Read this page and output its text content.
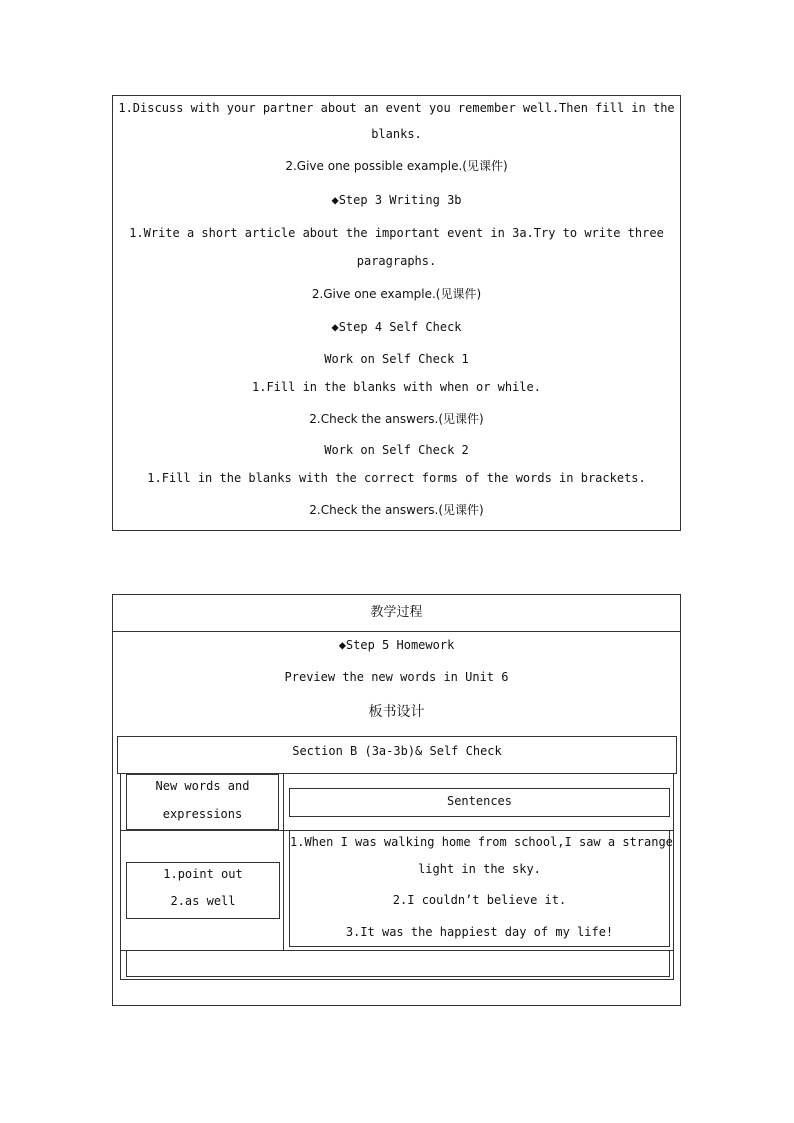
1.Discuss with your partner about an event you remember well.Then fill in the
blanks.
2.Give one possible example.(见课件)
◆Step 3 Writing 3b
1.Write a short article about the important event in 3a.Try to write three
paragraphs.
2.Give one example.(见课件)
◆Step 4 Self Check
Work on Self Check 1
1.Fill in the blanks with when or while.
2.Check the answers.(见课件)
Work on Self Check 2
1.Fill in the blanks with the correct forms of the words in brackets.
2.Check the answers.(见课件)
教学过程
◆Step 5 Homework
Preview the new words in Unit 6
板书设计
Section B (3a-3b)& Self Check
New words and
expressions
Sentences
1.point out
2.as well
1.When I was walking home from school,I saw a strange
light in the sky.
2.I couldn’t believe it.
3.It was the happiest day of my life!
